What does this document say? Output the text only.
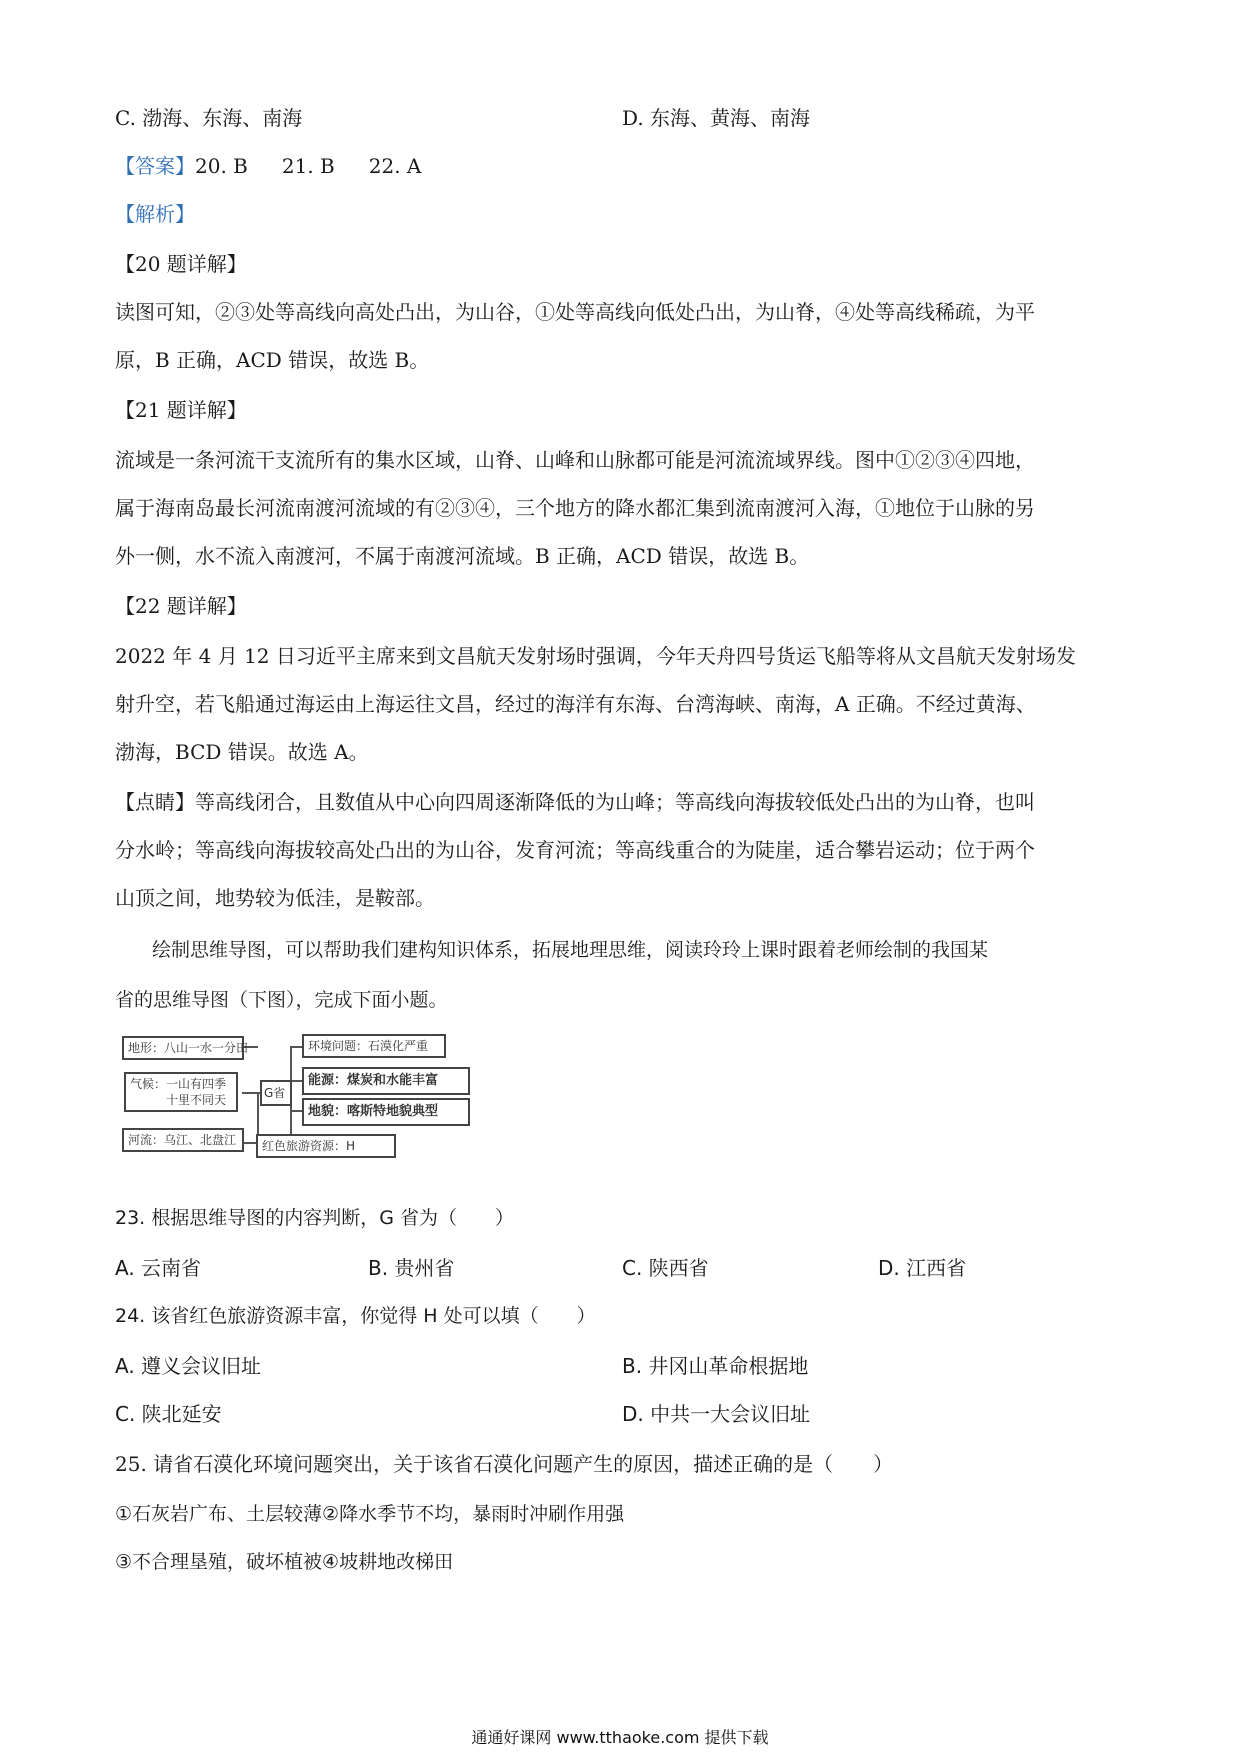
C. 渤海、东海、南海	D. 东海、黄海、南海
【答案】20. B 21. B 22. A
【解析】
【20 题详解】
读图可知，②③处等高线向高处凸出，为山谷，①处等高线向低处凸出，为山脊，④处等高线稀疏，为平
原，B 正确，ACD 错误，故选 B。
【21 题详解】
流域是一条河流干支流所有的集水区域，山脊、山峰和山脉都可能是河流流域界线。图中①②③④四地，
属于海南岛最长河流南渡河流域的有②③④，三个地方的降水都汇集到流南渡河入海，①地位于山脉的另
外一侧，水不流入南渡河，不属于南渡河流域。B 正确，ACD 错误，故选 B。
【22 题详解】
2022 年 4 月 12 日习近平主席来到文昌航天发射场时强调，今年天舟四号货运飞船等将从文昌航天发射场发
射升空，若飞船通过海运由上海运往文昌，经过的海洋有东海、台湾海峡、南海，A 正确。不经过黄海、
渤海，BCD 错误。故选 A。
【点睛】等高线闭合，且数值从中心向四周逐渐降低的为山峰；等高线向海拔较低处凸出的为山脊，也叫
分水岭；等高线向海拔较高处凸出的为山谷，发育河流；等高线重合的为陡崖，适合攀岩运动；位于两个
山顶之间，地势较为低洼，是鞍部。
绘制思维导图，可以帮助我们建构知识体系，拓展地理思维，阅读玲玲上课时跟着老师绘制的我国某
省的思维导图（下图），完成下面小题。
地形：八山一水一分田
气候：一山有四季
十里不同天
河流：乌江、北盘江
G省
环境问题：石漠化严重
能源：煤炭和水能丰富
地貌：喀斯特地貌典型
红色旅游资源：H
23. 根据思维导图的内容判断，G 省为（　　）
A. 云南省	B. 贵州省	C. 陕西省	D. 江西省
24. 该省红色旅游资源丰富，你觉得 H 处可以填（　　）
A. 遵义会议旧址	B. 井冈山革命根据地
C. 陕北延安	D. 中共一大会议旧址
25. 请省石漠化环境问题突出，关于该省石漠化问题产生的原因，描述正确的是（　　）
①石灰岩广布、土层较薄②降水季节不均，暴雨时冲刷作用强
③不合理垦殖，破坏植被④坡耕地改梯田
通通好课网 www.tthaoke.com 提供下载
